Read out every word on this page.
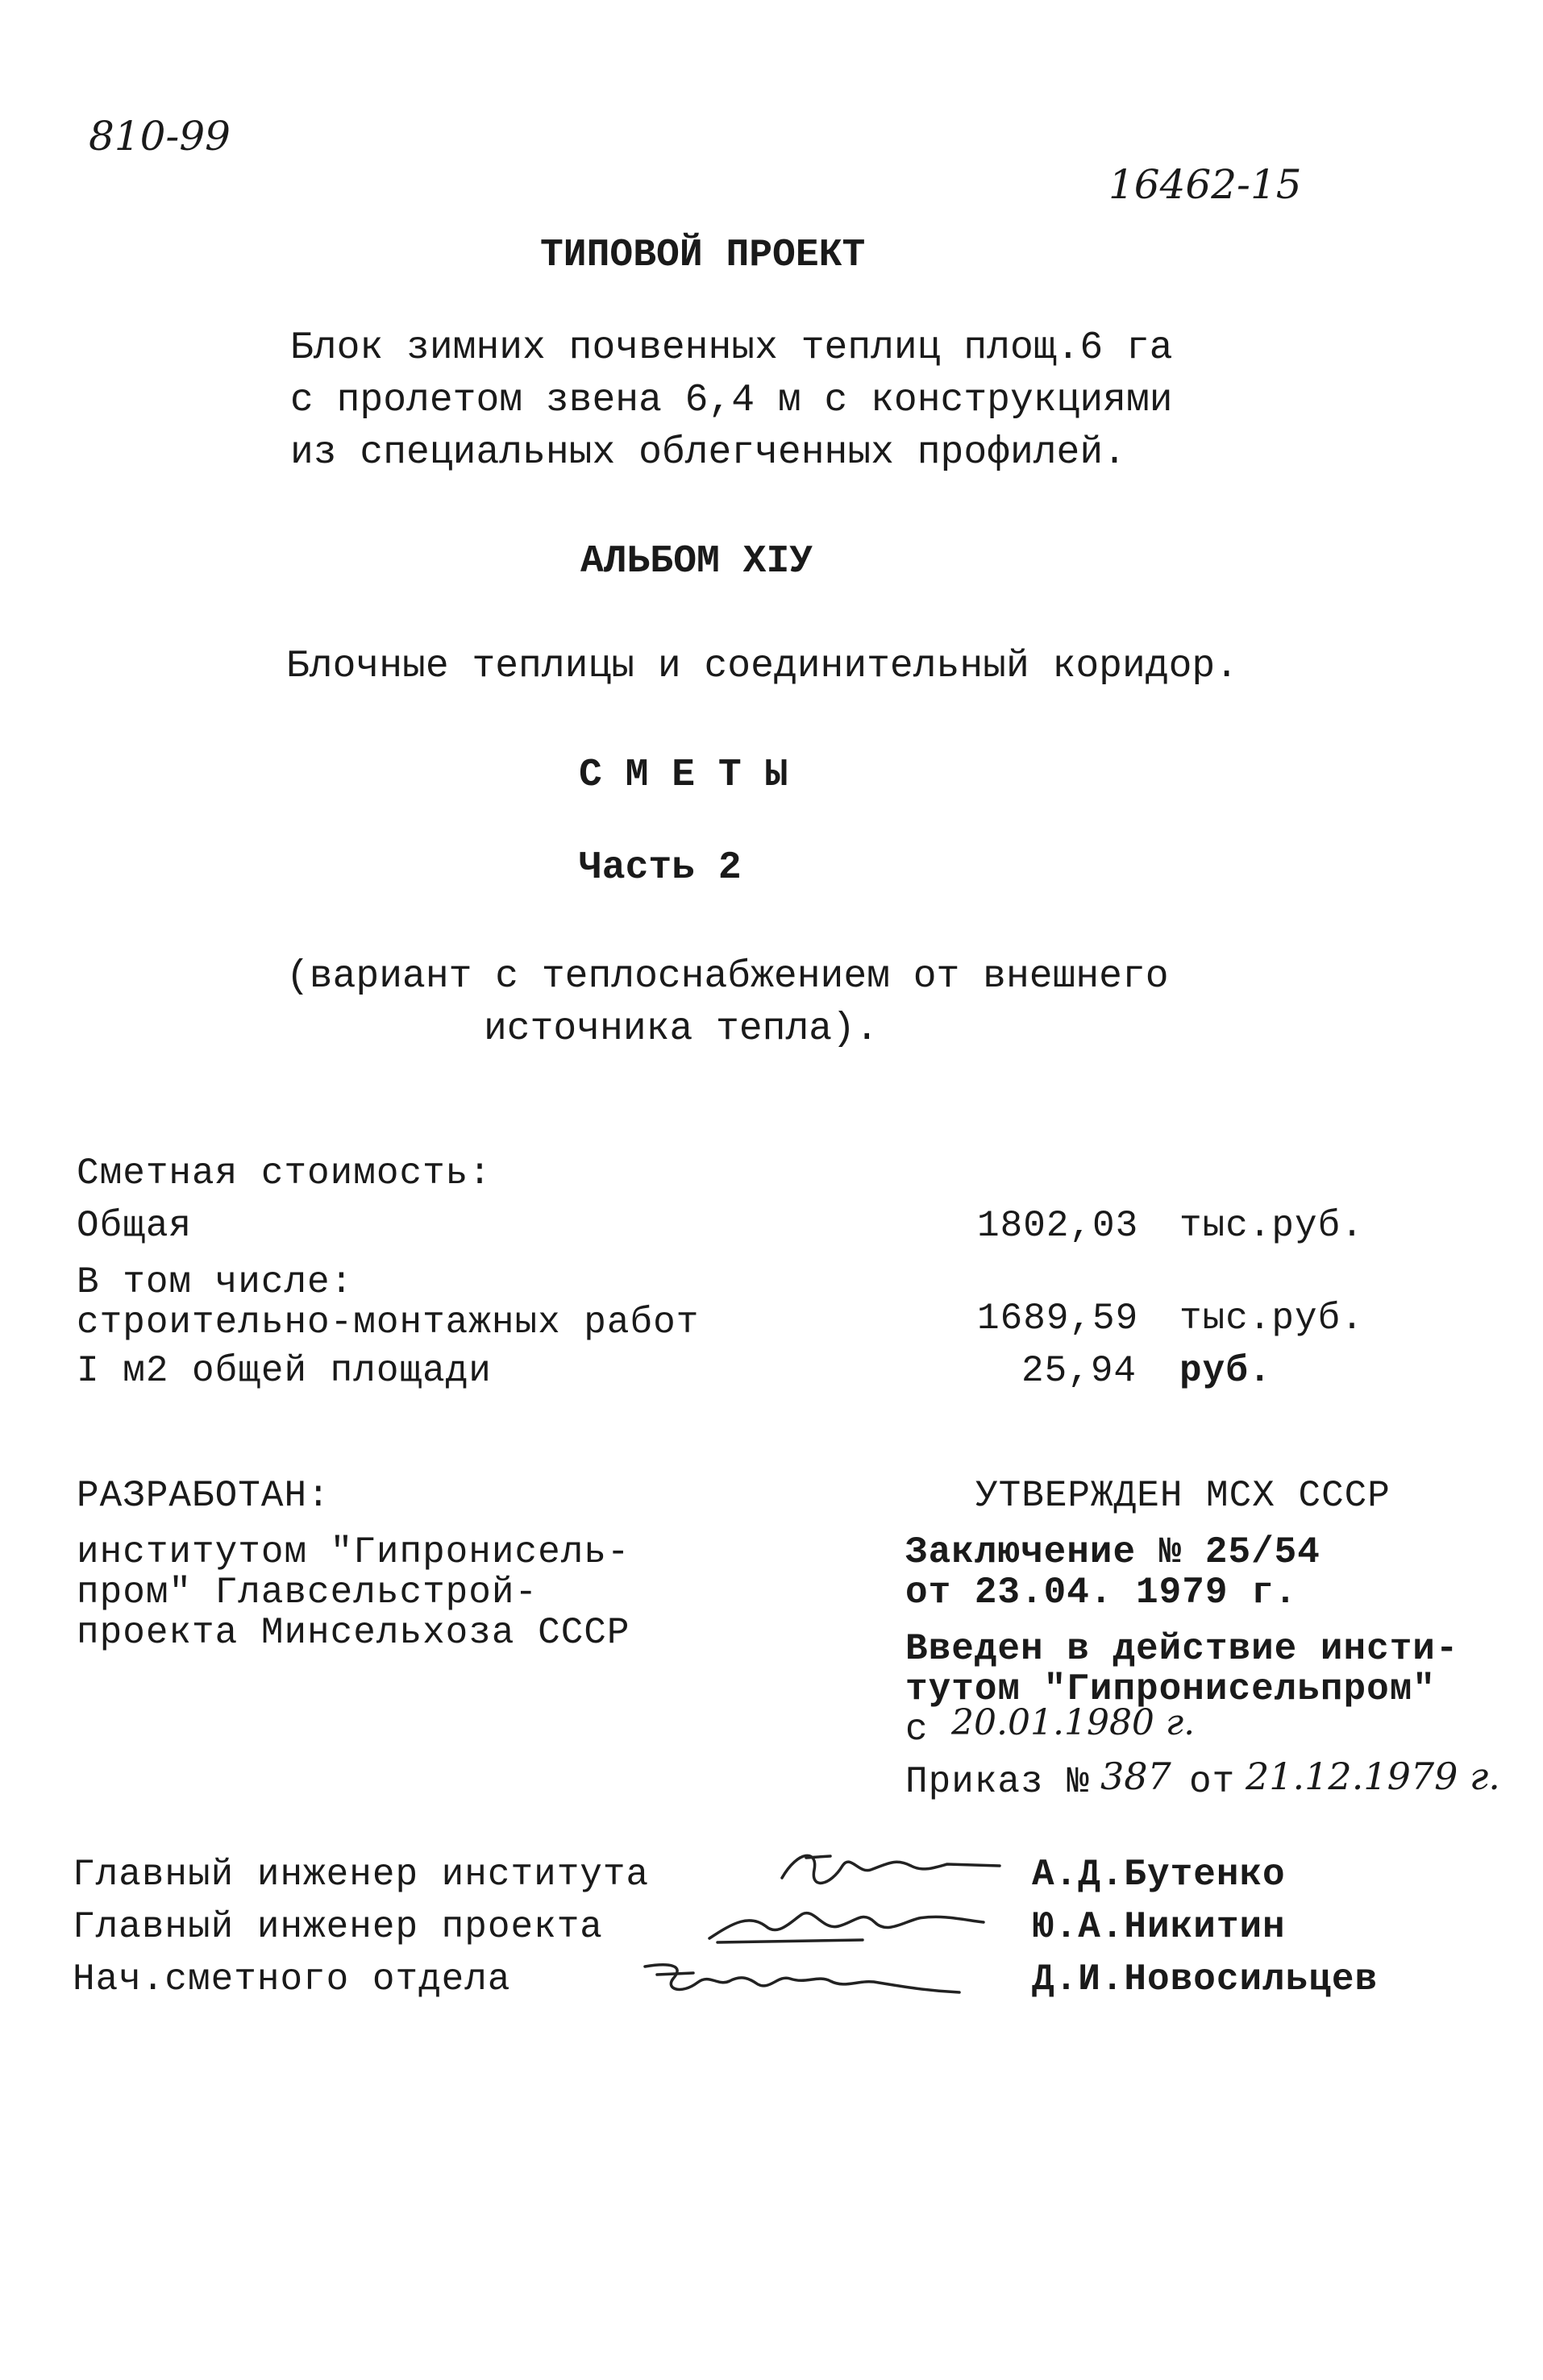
810-99
16462-15
ТИПОВОЙ ПРОЕКТ
Блок зимних почвенных теплиц площ.6 га
с пролетом звена 6,4 м с конструкциями
из специальных облегченных профилей.
АЛЬБОМ XIУ
Блочные теплицы и соединительный коридор.
С М Е Т Ы
Часть 2
(вариант с теплоснабжением от внешнего
источника тепла).
Сметная стоимость:
Общая	1802,03 тыс.руб.
В том числе:
строительно-монтажных работ	1689,59 тыс.руб.
I м2 общей площади	25,94 руб.
РАЗРАБОТАН:
институтом "Гипронисель-
пром" Главсельстрой-
проекта Минсельхоза СССР
УТВЕРЖДЕН МСХ СССР
Заключение № 25/54
от 23.04. 1979 г.
Введен в действие инсти-
тутом "Гипронисельпром"
с 20.01.1980 г.
Приказ № 387 от 21.12.1979 г.
Главный инженер института	А.Д.Бутенко
Главный инженер проекта	Ю.А.Никитин
Нач.сметного отдела	Д.И.Новосильцев
